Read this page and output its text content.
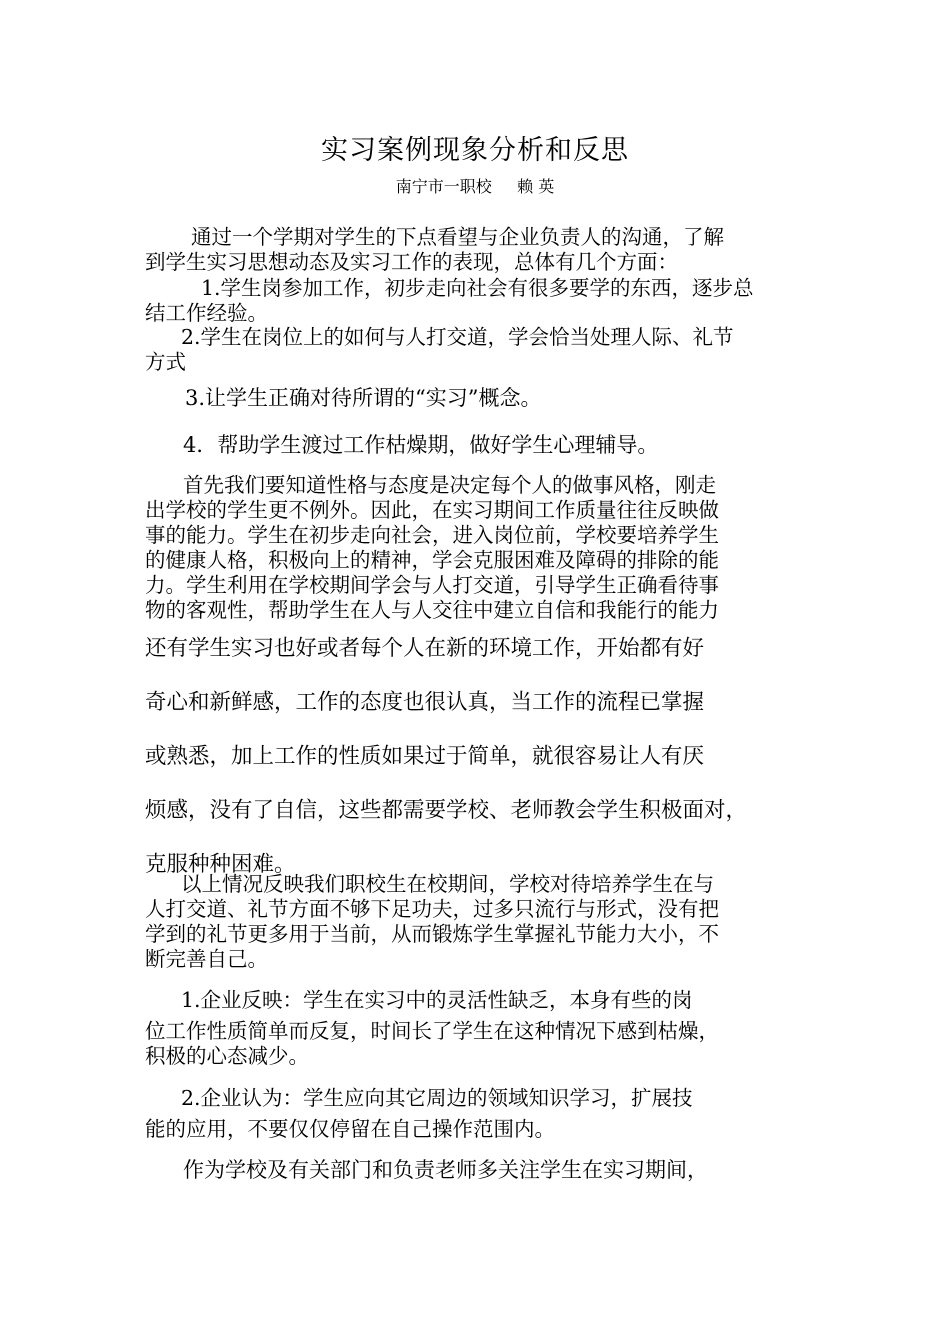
实习案例现象分析和反思
南宁市一职校     赖 英
通过一个学期对学生的下点看望与企业负责人的沟通，了解
到学生实习思想动态及实习工作的表现，总体有几个方面：
1.学生岗参加工作，初步走向社会有很多要学的东西，逐步总
结工作经验。
2.学生在岗位上的如何与人打交道，学会恰当处理人际、礼节
方式
3.让学生正确对待所谓的“实习”概念。
4．帮助学生渡过工作枯燥期，做好学生心理辅导。
首先我们要知道性格与态度是决定每个人的做事风格，刚走
出学校的学生更不例外。因此，在实习期间工作质量往往反映做
事的能力。学生在初步走向社会，进入岗位前，学校要培养学生
的健康人格，积极向上的精神，学会克服困难及障碍的排除的能
力。学生利用在学校期间学会与人打交道，引导学生正确看待事
物的客观性，帮助学生在人与人交往中建立自信和我能行的能力
还有学生实习也好或者每个人在新的环境工作，开始都有好
奇心和新鲜感，工作的态度也很认真，当工作的流程已掌握
或熟悉，加上工作的性质如果过于简单，就很容易让人有厌
烦感，没有了自信，这些都需要学校、老师教会学生积极面对，
克服种种困难。
以上情况反映我们职校生在校期间，学校对待培养学生在与
人打交道、礼节方面不够下足功夫，过多只流行与形式，没有把
学到的礼节更多用于当前，从而锻炼学生掌握礼节能力大小，不
断完善自己。
1.企业反映：学生在实习中的灵活性缺乏，本身有些的岗
位工作性质简单而反复，时间长了学生在这种情况下感到枯燥，
积极的心态减少。
2.企业认为：学生应向其它周边的领域知识学习，扩展技
能的应用，不要仅仅停留在自己操作范围内。
作为学校及有关部门和负责老师多关注学生在实习期间，
